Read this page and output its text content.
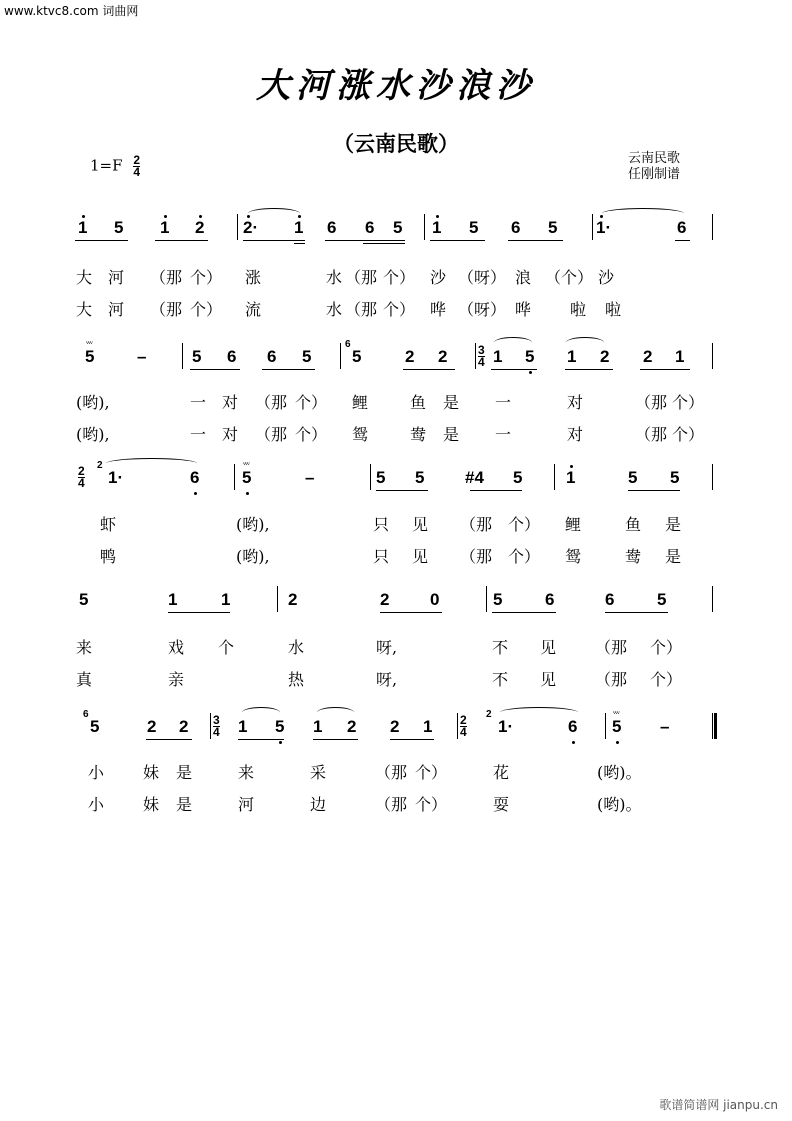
www.ktvc8.com 词曲网
大河涨水沙浪沙
（云南民歌）
$1=F \frac{2}{4}$	云南民歌
任刚制谱
1 5 1 2 2· 1 6 6 5 1 5 6 5 1·	6
大 河 （那 个） 涨	水 （那 个） 沙 （呀） 浪 （个） 沙
大 河 （那 个） 流	水 （那 个） 哗 （呀） 哗 啦 啦
5
ᵥᵥᵥ
–	5 6 6 5
6
5	2 2	1 5 1 2 2 1
$\frac{3}{4}$
(哟),	一 对 （那 个） 鲤	鱼 是 一	对	（那 个）
(哟),	一 对 （那 个） 鸳	鸯 是 一	对	（那 个）
2
1·	6	5
ᵥᵥᵥ
–	5 5 #4 5	1	5 5
$\frac{2}{4}$
虾	(哟),	只 见 （那 个） 鲤	鱼 是
鸭	(哟),	只 见 （那 个） 鸳	鸯 是
5	1	1	2	2 0	5	6	6	5
来	戏 个	水	呀,	不 见 （那 个）
真	亲	热	呀,	不 见 （那 个）
6
5	2 2	1 5 1 2 2 1
2
1·	6 5
ᵥᵥᵥ
–
$\frac{3}{4}$	$\frac{2}{4}$
小 妹 是	来	采	（那 个）	花	(哟)。
小 妹 是	河	边	（那 个）	耍	(哟)。
歌谱简谱网 jianpu.cn
